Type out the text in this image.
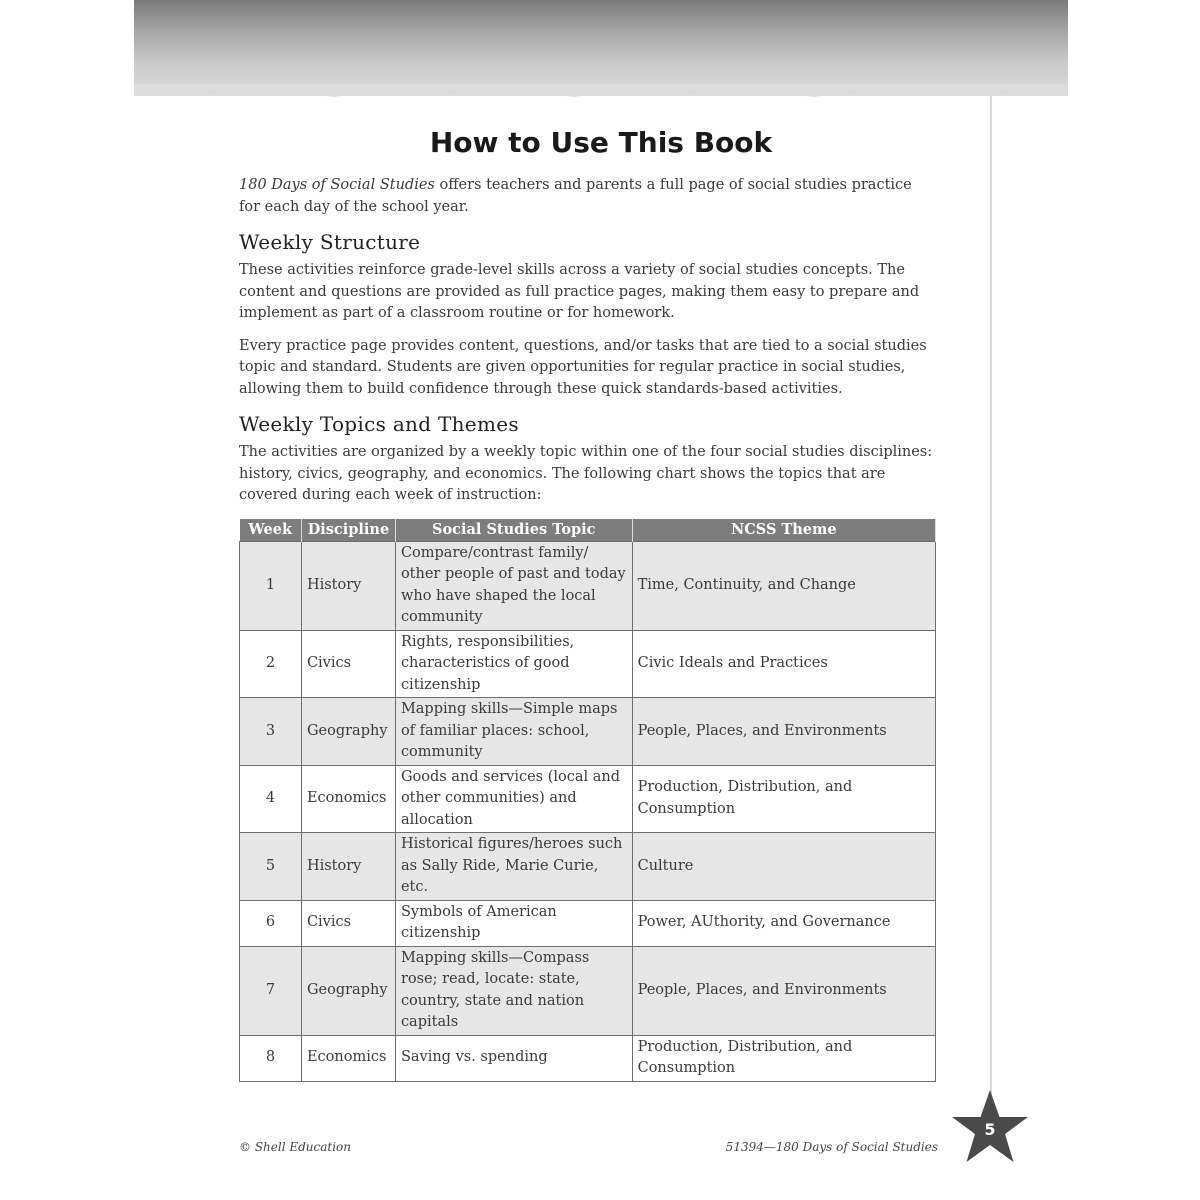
How to Use This Book

180 Days of Social Studies offers teachers and parents a full page of social studies practice for each day of the school year.

Weekly Structure

These activities reinforce grade-level skills across a variety of social studies concepts. The content and questions are provided as full practice pages, making them easy to prepare and implement as part of a classroom routine or for homework.

Every practice page provides content, questions, and/or tasks that are tied to a social studies topic and standard. Students are given opportunities for regular practice in social studies, allowing them to build confidence through these quick standards-based activities.

Weekly Topics and Themes

The activities are organized by a weekly topic within one of the four social studies disciplines: history, civics, geography, and economics. The following chart shows the topics that are covered during each week of instruction:

Week	Discipline	Social Studies Topic	NCSS Theme
1	History	Compare/contrast family/ other people of past and today who have shaped the local community	Time, Continuity, and Change
2	Civics	Rights, responsibilities, characteristics of good citizenship	Civic Ideals and Practices
3	Geography	Mapping skills—Simple maps of familiar places: school, community	People, Places, and Environments
4	Economics	Goods and services (local and other communities) and allocation	Production, Distribution, and Consumption
5	History	Historical figures/heroes such as Sally Ride, Marie Curie, etc.	Culture
6	Civics	Symbols of American citizenship	Power, AUthority, and Governance
7	Geography	Mapping skills—Compass rose; read, locate: state, country, state and nation capitals	People, Places, and Environments
8	Economics	Saving vs. spending	Production, Distribution, and Consumption
© Shell Education	51394—180 Days of Social Studies
5
